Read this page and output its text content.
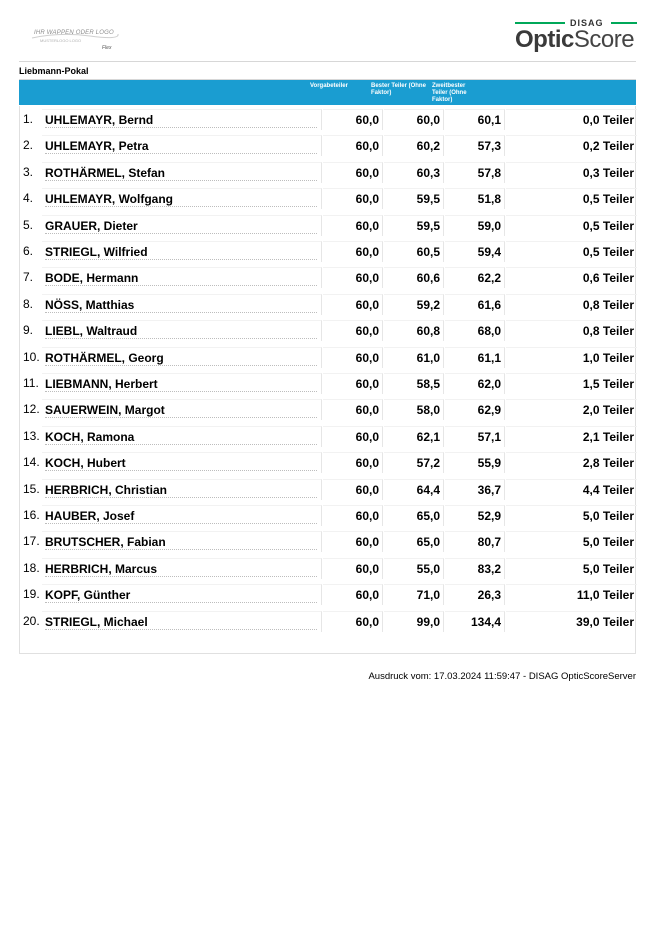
IHR WAPPEN ODER LOGO
MUSTERLOGO LOGO
Flex
DISAG
OpticScore
Liebmann-Pokal
Vorgabeteiler	Bester Teiler (Ohne Faktor)
Zweitbester Teiler (Ohne Faktor)
1. UHLEMAYR, Bernd	60,0	60,0	60,1	0,0 Teiler
2. UHLEMAYR, Petra	60,0	60,2	57,3	0,2 Teiler
3. ROTHÄRMEL, Stefan	60,0	60,3	57,8	0,3 Teiler
4. UHLEMAYR, Wolfgang	60,0	59,5	51,8	0,5 Teiler
5. GRAUER, Dieter	60,0	59,5	59,0	0,5 Teiler
6. STRIEGL, Wilfried	60,0	60,5	59,4	0,5 Teiler
7. BODE, Hermann	60,0	60,6	62,2	0,6 Teiler
8. NÖSS, Matthias	60,0	59,2	61,6	0,8 Teiler
9. LIEBL, Waltraud	60,0	60,8	68,0	0,8 Teiler
10. ROTHÄRMEL, Georg	60,0	61,0	61,1	1,0 Teiler
11. LIEBMANN, Herbert	60,0	58,5	62,0	1,5 Teiler
12. SAUERWEIN, Margot	60,0	58,0	62,9	2,0 Teiler
13. KOCH, Ramona	60,0	62,1	57,1	2,1 Teiler
14. KOCH, Hubert	60,0	57,2	55,9	2,8 Teiler
15. HERBRICH, Christian	60,0	64,4	36,7	4,4 Teiler
16. HAUBER, Josef	60,0	65,0	52,9	5,0 Teiler
17. BRUTSCHER, Fabian	60,0	65,0	80,7	5,0 Teiler
18. HERBRICH, Marcus	60,0	55,0	83,2	5,0 Teiler
19. KOPF, Günther	60,0	71,0	26,3	11,0 Teiler
20. STRIEGL, Michael	60,0	99,0	134,4	39,0 Teiler
Ausdruck vom: 17.03.2024 11:59:47 - DISAG OpticScoreServer
